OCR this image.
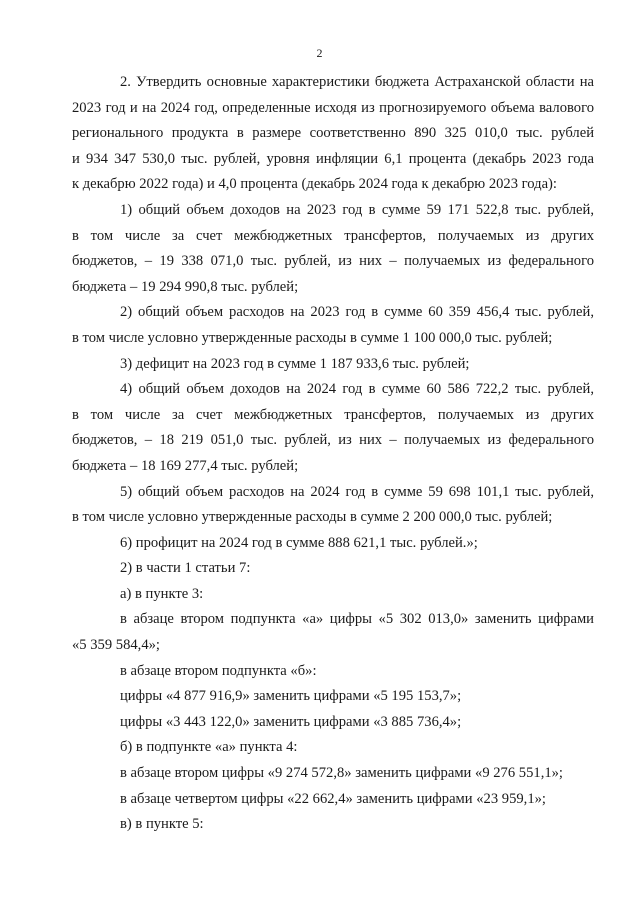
2
2. Утвердить основные характеристики бюджета Астраханской области на
2023 год и на 2024 год, определенные исходя из прогнозируемого объема валового
регионального продукта в размере соответственно 890 325 010,0 тыс. рублей
и 934 347 530,0 тыс. рублей, уровня инфляции 6,1 процента (декабрь 2023 года
к декабрю 2022 года) и 4,0 процента (декабрь 2024 года к декабрю 2023 года):
1) общий объем доходов на 2023 год в сумме 59 171 522,8 тыс. рублей,
в том числе за счет межбюджетных трансфертов, получаемых из других
бюджетов, – 19 338 071,0 тыс. рублей, из них – получаемых из федерального
бюджета – 19 294 990,8 тыс. рублей;
2) общий объем расходов на 2023 год в сумме 60 359 456,4 тыс. рублей,
в том числе условно утвержденные расходы в сумме 1 100 000,0 тыс. рублей;
3) дефицит на 2023 год в сумме 1 187 933,6 тыс. рублей;
4) общий объем доходов на 2024 год в сумме 60 586 722,2 тыс. рублей,
в том числе за счет межбюджетных трансфертов, получаемых из других
бюджетов, – 18 219 051,0 тыс. рублей, из них – получаемых из федерального
бюджета – 18 169 277,4 тыс. рублей;
5) общий объем расходов на 2024 год в сумме 59 698 101,1 тыс. рублей,
в том числе условно утвержденные расходы в сумме 2 200 000,0 тыс. рублей;
6) профицит на 2024 год в сумме 888 621,1 тыс. рублей.»;
2) в части 1 статьи 7:
а) в пункте 3:
в абзаце втором подпункта «а» цифры «5 302 013,0» заменить цифрами
«5 359 584,4»;
в абзаце втором подпункта «б»:
цифры «4 877 916,9» заменить цифрами «5 195 153,7»;
цифры «3 443 122,0» заменить цифрами «3 885 736,4»;
б) в подпункте «а» пункта 4:
в абзаце втором цифры «9 274 572,8» заменить цифрами «9 276 551,1»;
в абзаце четвертом цифры «22 662,4» заменить цифрами «23 959,1»;
в) в пункте 5:
